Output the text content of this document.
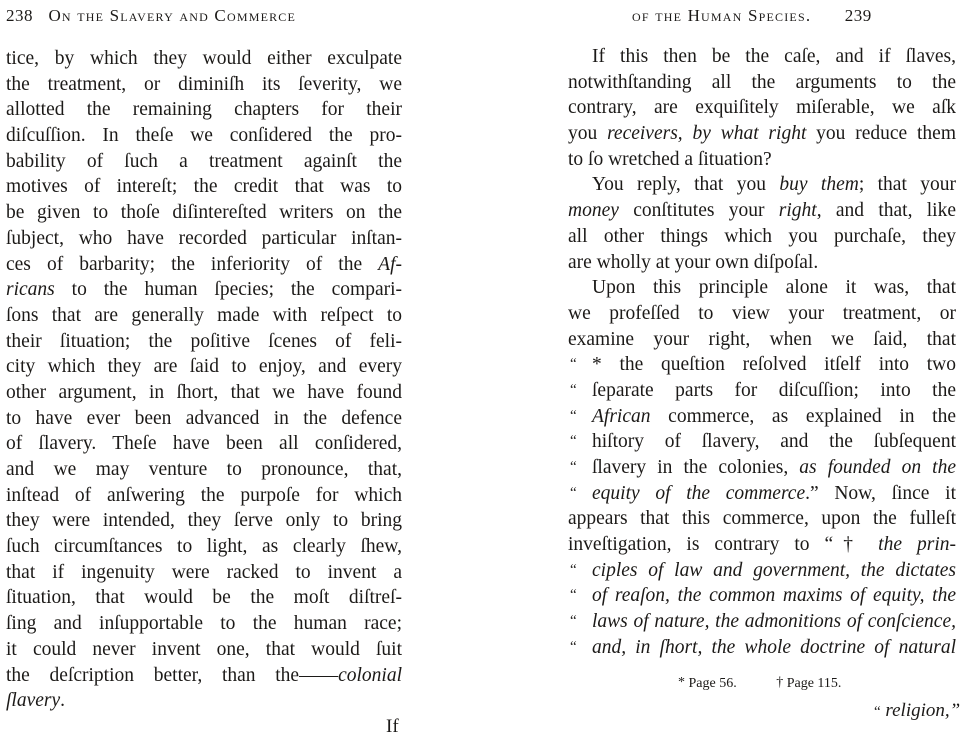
238 On the Slavery and Commerce
tice, by which they would either exculpate
the treatment, or diminiſh its ſeverity, we
allotted the remaining chapters for their
diſcuſſion. In theſe we conſidered the pro-
bability of ſuch a treatment againſt the
motives of intereſt; the credit that was to
be given to thoſe diſintereſted writers on the
ſubject, who have recorded particular inſtan-
ces of barbarity; the inferiority of the Af-
ricans to the human ſpecies; the compari-
ſons that are generally made with reſpect to
their ſituation; the poſitive ſcenes of feli-
city which they are ſaid to enjoy, and every
other argument, in ſhort, that we have found
to have ever been advanced in the defence
of ſlavery. Theſe have been all conſidered,
and we may venture to pronounce, that,
inſtead of anſwering the purpoſe for which
they were intended, they ſerve only to bring
ſuch circumſtances to light, as clearly ſhew,
that if ingenuity were racked to invent a
ſituation, that would be the moſt diſtreſ-
ſing and inſupportable to the human race;
it could never invent one, that would ſuit
the deſcription better, than the——colonial
ſlavery.
If
of the Human Species. 239
If this then be the caſe, and if ſlaves,
notwithſtanding all the arguments to the
contrary, are exquiſitely miſerable, we aſk
you receivers, by what right you reduce them
to ſo wretched a ſituation?
You reply, that you buy them; that your
money conſtitutes your right, and that, like
all other things which you purchaſe, they
are wholly at your own diſpoſal.
Upon this principle alone it was, that
we profeſſed to view your treatment, or
examine your right, when we ſaid, that
“ * the queſtion reſolved itſelf into two
“ ſeparate parts for diſcuſſion; into the
“ African commerce, as explained in the
“ hiſtory of ſlavery, and the ſubſequent
“ ſlavery in the colonies, as founded on the
“ equity of the commerce.” Now, ſince it
appears that this commerce, upon the fulleſt
inveſtigation, is contrary to “† the prin-
“ ciples of law and government, the dictates
“ of reaſon, the common maxims of equity, the
“ laws of nature, the admonitions of conſcience,
“ and, in ſhort, the whole doctrine of natural
* Page 56.	† Page 115.
“ religion,”
